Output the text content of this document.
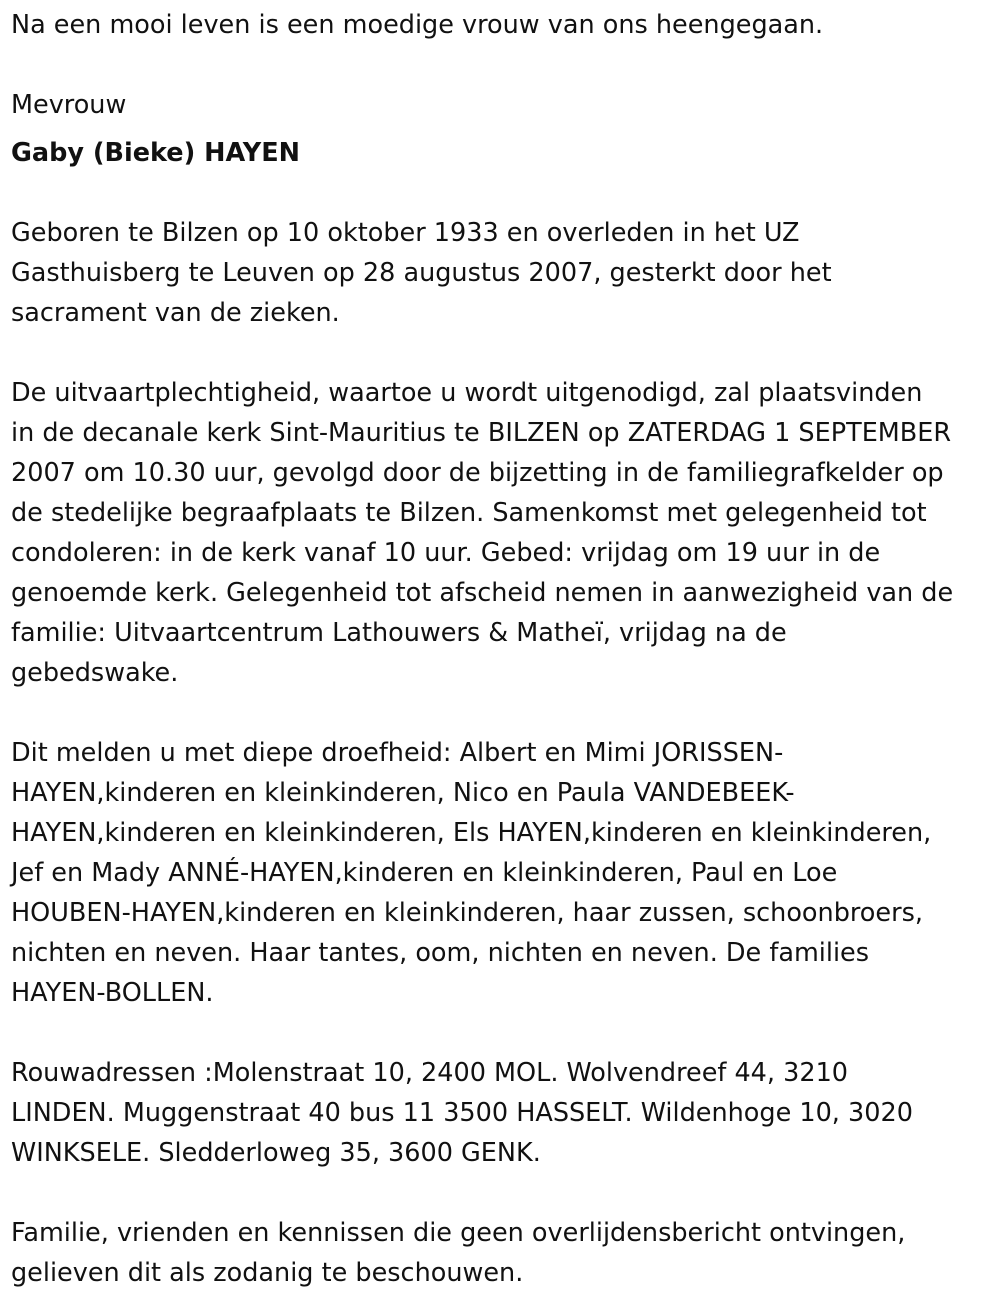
Na een mooi leven is een moedige vrouw van ons heengegaan.

Mevrouw

Gaby (Bieke) HAYEN

Geboren te Bilzen op 10 oktober 1933 en overleden in het UZ
Gasthuisberg te Leuven op 28 augustus 2007, gesterkt door het
sacrament van de zieken.

De uitvaartplechtigheid, waartoe u wordt uitgenodigd, zal plaatsvinden
in de decanale kerk Sint-Mauritius te BILZEN op ZATERDAG 1 SEPTEMBER
2007 om 10.30 uur, gevolgd door de bijzetting in de familiegrafkelder op
de stedelijke begraafplaats te Bilzen. Samenkomst met gelegenheid tot
condoleren: in de kerk vanaf 10 uur. Gebed: vrijdag om 19 uur in de
genoemde kerk. Gelegenheid tot afscheid nemen in aanwezigheid van de
familie: Uitvaartcentrum Lathouwers & Matheï, vrijdag na de
gebedswake.

Dit melden u met diepe droefheid: Albert en Mimi JORISSEN-
HAYEN,kinderen en kleinkinderen, Nico en Paula VANDEBEEK-
HAYEN,kinderen en kleinkinderen, Els HAYEN,kinderen en kleinkinderen,
Jef en Mady ANNÉ-HAYEN,kinderen en kleinkinderen, Paul en Loe
HOUBEN-HAYEN,kinderen en kleinkinderen, haar zussen, schoonbroers,
nichten en neven. Haar tantes, oom, nichten en neven. De families
HAYEN-BOLLEN.

Rouwadressen :Molenstraat 10, 2400 MOL. Wolvendreef 44, 3210
LINDEN. Muggenstraat 40 bus 11 3500 HASSELT. Wildenhoge 10, 3020
WINKSELE. Sledderloweg 35, 3600 GENK.

Familie, vrienden en kennissen die geen overlijdensbericht ontvingen,
gelieven dit als zodanig te beschouwen.
